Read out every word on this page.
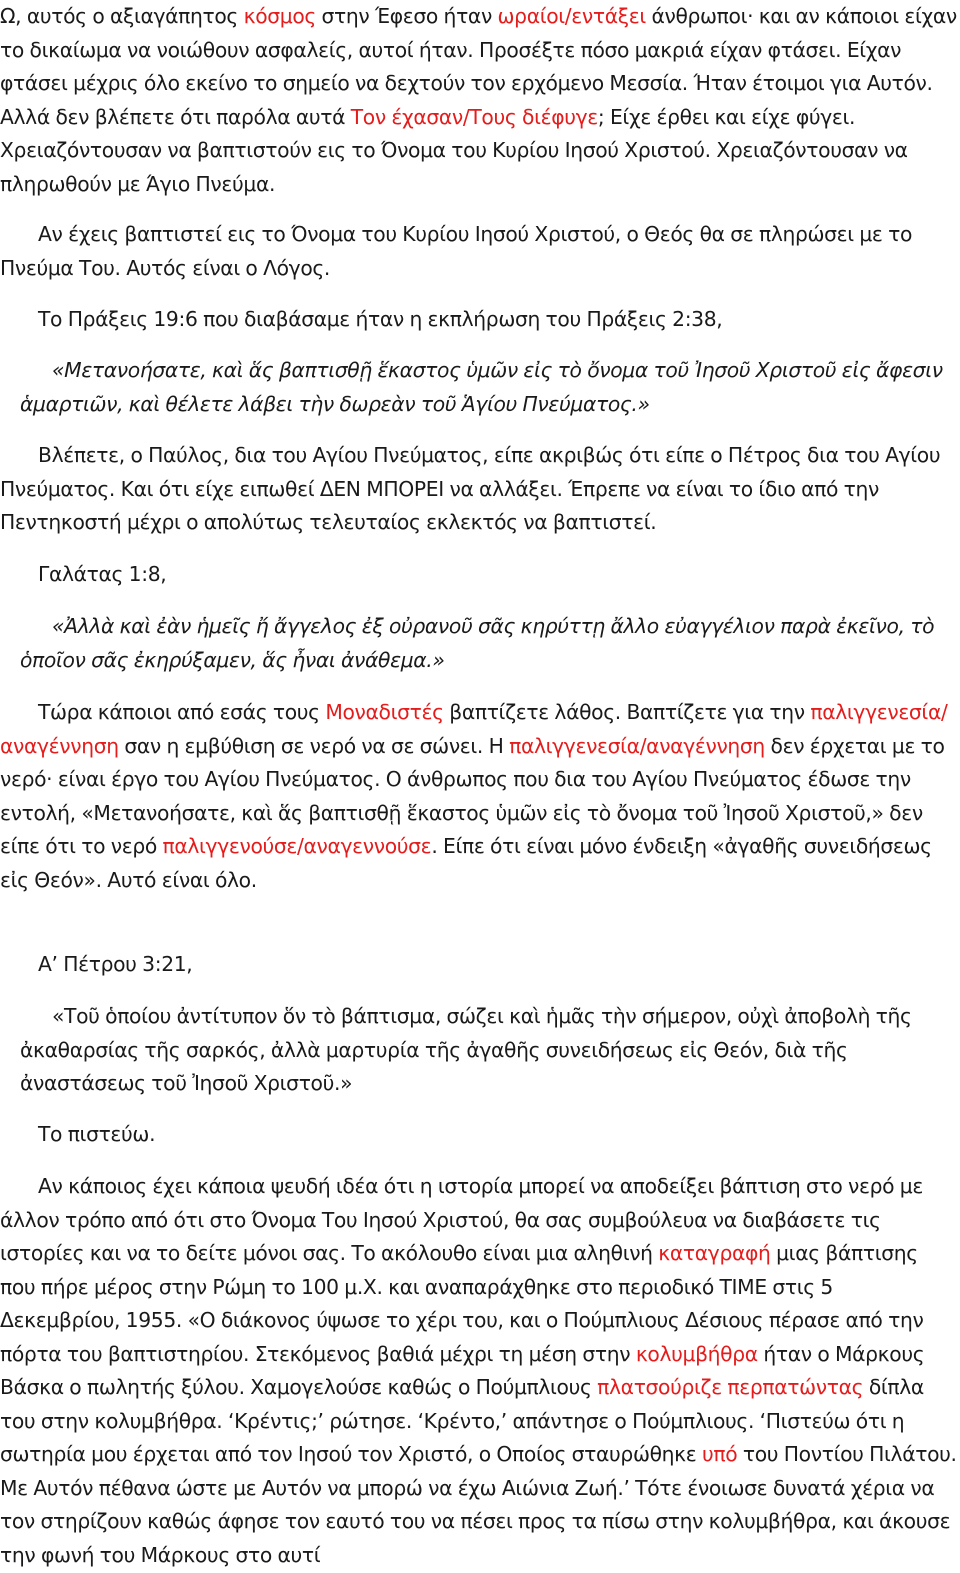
Ω, αυτός ο αξιαγάπητος κόσμος στην Έφεσο ήταν ωραίοι/εντάξει άνθρωποι· και αν κάποιοι είχαν το δικαίωμα να νοιώθουν ασφαλείς, αυτοί ήταν. Προσέξτε πόσο μακριά είχαν φτάσει. Είχαν φτάσει μέχρις όλο εκείνο το σημείο να δεχτούν τον ερχόμενο Μεσσία. Ήταν έτοιμοι για Αυτόν. Αλλά δεν βλέπετε ότι παρόλα αυτά Τον έχασαν/Τους διέφυγε; Είχε έρθει και είχε φύγει. Χρειαζόντουσαν να βαπτιστούν εις το Όνομα του Κυρίου Ιησού Χριστού. Χρειαζόντουσαν να πληρωθούν με Άγιο Πνεύμα.

Αν έχεις βαπτιστεί εις το Όνομα του Κυρίου Ιησού Χριστού, ο Θεός θα σε πληρώσει με το Πνεύμα Του. Αυτός είναι ο Λόγος.

Το Πράξεις 19:6 που διαβάσαμε ήταν η εκπλήρωση του Πράξεις 2:38,

«Μετανοήσατε, καὶ ἅς βαπτισθῇ ἕκαστος ὑμῶν εἰς τὸ ὄνομα τοῦ Ἰησοῦ Χριστοῦ εἰς ἄφεσιν ἁμαρτιῶν, καὶ θέλετε λάβει τὴν δωρεὰν τοῦ Ἁγίου Πνεύματος.»

Βλέπετε, ο Παύλος, δια του Αγίου Πνεύματος, είπε ακριβώς ότι είπε ο Πέτρος δια του Αγίου Πνεύματος. Και ότι είχε ειπωθεί ΔΕΝ ΜΠΟΡΕΙ να αλλάξει. Έπρεπε να είναι το ίδιο από την Πεντηκοστή μέχρι ο απολύτως τελευταίος εκλεκτός να βαπτιστεί.

Γαλάτας 1:8,

«Ἀλλὰ καὶ ἐὰν ἡμεῖς ἤ ἄγγελος ἐξ οὐρανοῦ σᾶς κηρύττῃ ἄλλο εὐαγγέλιον παρὰ ἐκεῖνο, τὸ ὁποῖον σᾶς ἐκηρύξαμεν, ἅς ἦναι ἀνάθεμα.»

Τώρα κάποιοι από εσάς τους Μοναδιστές βαπτίζετε λάθος. Βαπτίζετε για την παλιγγενεσία/αναγέννηση σαν η εμβύθιση σε νερό να σε σώνει. Η παλιγγενεσία/αναγέννηση δεν έρχεται με το νερό· είναι έργο του Αγίου Πνεύματος. Ο άνθρωπος που δια του Αγίου Πνεύματος έδωσε την εντολή, «Μετανοήσατε, καὶ ἅς βαπτισθῇ ἕκαστος ὑμῶν εἰς τὸ ὄνομα τοῦ Ἰησοῦ Χριστοῦ,» δεν είπε ότι το νερό παλιγγενούσε/αναγεννούσε. Είπε ότι είναι μόνο ένδειξη «ἀγαθῆς συνειδήσεως εἰς Θεόν». Αυτό είναι όλο.

Α’ Πέτρου 3:21,

«Τοῦ ὁποίου ἀντίτυπον ὅν τὸ βάπτισμα, σώζει καὶ ἡμᾶς τὴν σήμερον, οὐχὶ ἀποβολὴ τῆς ἀκαθαρσίας τῆς σαρκός, ἀλλὰ μαρτυρία τῆς ἀγαθῆς συνειδήσεως εἰς Θεόν, διὰ τῆς ἀναστάσεως τοῦ Ἰησοῦ Χριστοῦ.»

Το πιστεύω.

Αν κάποιος έχει κάποια ψευδή ιδέα ότι η ιστορία μπορεί να αποδείξει βάπτιση στο νερό με άλλον τρόπο από ότι στο Όνομα Του Ιησού Χριστού, θα σας συμβούλευα να διαβάσετε τις ιστορίες και να το δείτε μόνοι σας. Το ακόλουθο είναι μια αληθινή καταγραφή μιας βάπτισης που πήρε μέρος στην Ρώμη το 100 μ.Χ. και αναπαράχθηκε στο περιοδικό TIME στις 5 Δεκεμβρίου, 1955. «Ο διάκονος ύψωσε το χέρι του, και ο Πούμπλιους Δέσιους πέρασε από την πόρτα του βαπτιστηρίου. Στεκόμενος βαθιά μέχρι τη μέση στην κολυμβήθρα ήταν ο Μάρκους Βάσκα ο πωλητής ξύλου. Χαμογελούσε καθώς ο Πούμπλιους πλατσούριζε περπατώντας δίπλα του στην κολυμβήθρα. ‘Κρέντις;’ ρώτησε. ‘Κρέντο,’ απάντησε ο Πούμπλιους. ‘Πιστεύω ότι η σωτηρία μου έρχεται από τον Ιησού τον Χριστό, ο Οποίος σταυρώθηκε υπό του Ποντίου Πιλάτου. Με Αυτόν πέθανα ώστε με Αυτόν να μπορώ να έχω Αιώνια Ζωή.’ Τότε ένοιωσε δυνατά χέρια να τον στηρίζουν καθώς άφησε τον εαυτό του να πέσει προς τα πίσω στην κολυμβήθρα, και άκουσε την φωνή του Μάρκους στο αυτί
